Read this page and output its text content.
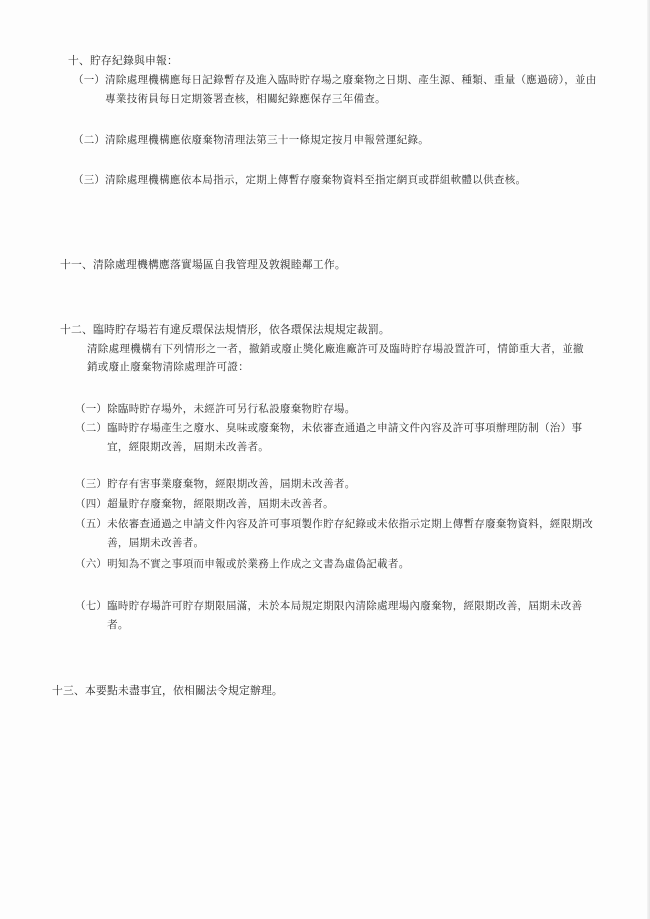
十、貯存紀錄與申報：
（一） 清除處理機構應每日記錄暫存及進入臨時貯存場之廢棄物之日期、產生源、種類、重量（應過磅），並由專業技術員每日定期簽署查核，相關紀錄應保存三年備查。
（二） 清除處理機構應依廢棄物清理法第三十一條規定按月申報營運紀錄。
（三） 清除處理機構應依本局指示，定期上傳暫存廢棄物資料至指定網頁或群組軟體以供查核。
十一、清除處理機構應落實場區自我管理及敦親睦鄰工作。
十二、臨時貯存場若有違反環保法規情形，依各環保法規規定裁罰。
清除處理機構有下列情形之一者，撤銷或廢止獎化廠進廠許可及臨時貯存場設置許可，情節重大者，並撤銷或廢止廢棄物清除處理許可證：
（一） 除臨時貯存場外，未經許可另行私設廢棄物貯存場。
（二） 臨時貯存場產生之廢水、臭味或廢棄物，未依審查通過之申請文件內容及許可事項辦理防制（治）事宜，經限期改善，屆期未改善者。
（三） 貯存有害事業廢棄物，經限期改善，屆期未改善者。
（四） 超量貯存廢棄物，經限期改善，屆期未改善者。
（五） 未依審查通過之申請文件內容及許可事項製作貯存紀錄或未依指示定期上傳暫存廢棄物資料，經限期改善，屆期未改善者。
（六） 明知為不實之事項而申報或於業務上作成之文書為虛偽記載者。
（七） 臨時貯存場許可貯存期限屆滿，未於本局規定期限內清除處理場內廢棄物，經限期改善，屆期未改善者。
十三、本要點未盡事宜，依相關法令規定辦理。
